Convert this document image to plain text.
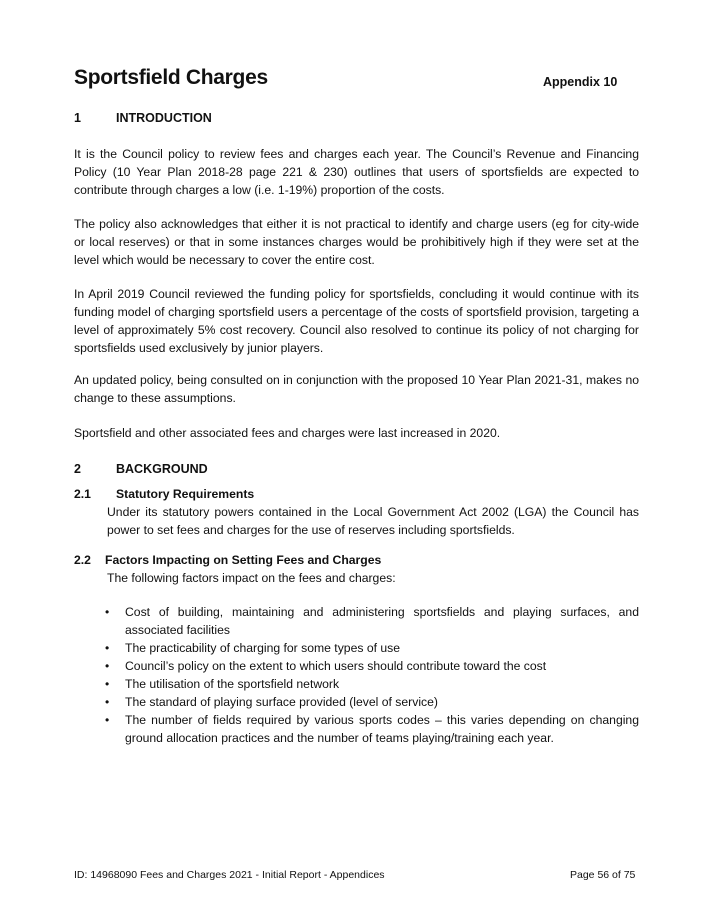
Sportsfield Charges	Appendix 10
1	INTRODUCTION

It is the Council policy to review fees and charges each year. The Council’s Revenue and Financing Policy (10 Year Plan 2018-28 page 221 & 230) outlines that users of sportsfields are expected to contribute through charges a low (i.e. 1-19%) proportion of the costs.

The policy also acknowledges that either it is not practical to identify and charge users (eg for city-wide or local reserves) or that in some instances charges would be prohibitively high if they were set at the level which would be necessary to cover the entire cost.

In April 2019 Council reviewed the funding policy for sportsfields, concluding it would continue with its funding model of charging sportsfield users a percentage of the costs of sportsfield provision, targeting a level of approximately 5% cost recovery. Council also resolved to continue its policy of not charging for sportsfields used exclusively by junior players.

An updated policy, being consulted on in conjunction with the proposed 10 Year Plan 2021-31, makes no change to these assumptions.

Sportsfield and other associated fees and charges were last increased in 2020.

2	BACKGROUND
2.1 Statutory Requirements

Under its statutory powers contained in the Local Government Act 2002 (LGA) the Council has power to set fees and charges for the use of reserves including sportsfields.

2.2 Factors Impacting on Setting Fees and Charges

The following factors impact on the fees and charges:

• Cost of building, maintaining and administering sportsfields and playing surfaces, and associated facilities
• The practicability of charging for some types of use
• Council’s policy on the extent to which users should contribute toward the cost
• The utilisation of the sportsfield network
• The standard of playing surface provided (level of service)
• The number of fields required by various sports codes – this varies depending on changing ground allocation practices and the number of teams playing/training each year.
ID: 14968090 Fees and Charges 2021 - Initial Report - Appendices	Page 56 of 75
